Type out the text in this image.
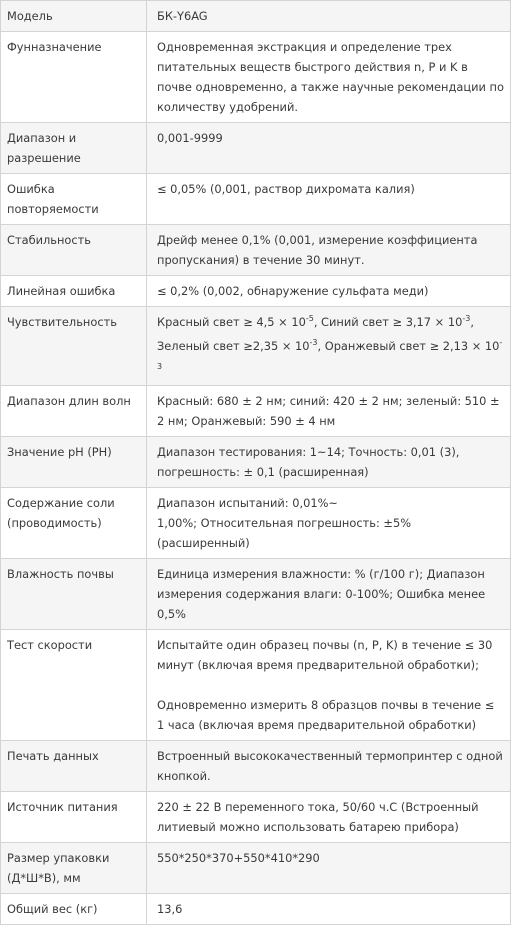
Модель	БК-Y6AG
Фунназначение	Одновременная экстракция и определение трех питательных веществ быстрого действия n, P и K в почве одновременно, а также научные рекомендации по количеству удобрений.
Диапазон и разрешение	0,001-9999
Ошибка повторяемости	≤ 0,05% (0,001, раствор дихромата калия)
Стабильность	Дрейф менее 0,1% (0,001, измерение коэффициента пропускания) в течение 30 минут.
Линейная ошибка	≤ 0,2% (0,002, обнаружение сульфата меди)
Чувствительность	Красный свет ≥ $4,5 \times 10^{-5}$, Синий свет ≥ $3,17 \times 10^{-3}$, Зеленый свет $\ge 2,35 \times 10^{-3}$, Оранжевый свет ≥ $2,13 \times 10^{-3}$
Диапазон длин волн	Красный: 680 ± 2 нм; синий: 420 ± 2 нм; зеленый: 510 ± 2 нм; Оранжевый: 590 ± 4 нм
Значение pH (PH)	Диапазон тестирования: 1~14; Точность: 0,01 (3), погрешность: ± 0,1 (расширенная)
Содержание соли (проводимость)	Диапазон испытаний: 0,01%~
1,00%; Относительная погрешность: ±5% (расширенный)

Влажность почвы	Единица измерения влажности: % (г/100 г); Диапазон измерения содержания влаги: 0-100%; Ошибка менее 0,5%
Тест скорости	Испытайте один образец почвы (n, P, K) в течение ≤ 30 минут (включая время предварительной обработки);
Одновременно измерить 8 образцов почвы в течение ≤ 1 часа (включая время предварительной обработки)

Печать данных	Встроенный высококачественный термопринтер с одной кнопкой.
Источник питания	220 ± 22 В переменного тока, 50/60 ч.С (Встроенный литиевый можно использовать батарею прибора)
Размер упаковки (Д*Ш*В), мм	550*250*370+550*410*290
Общий вес (кг)	13,6
